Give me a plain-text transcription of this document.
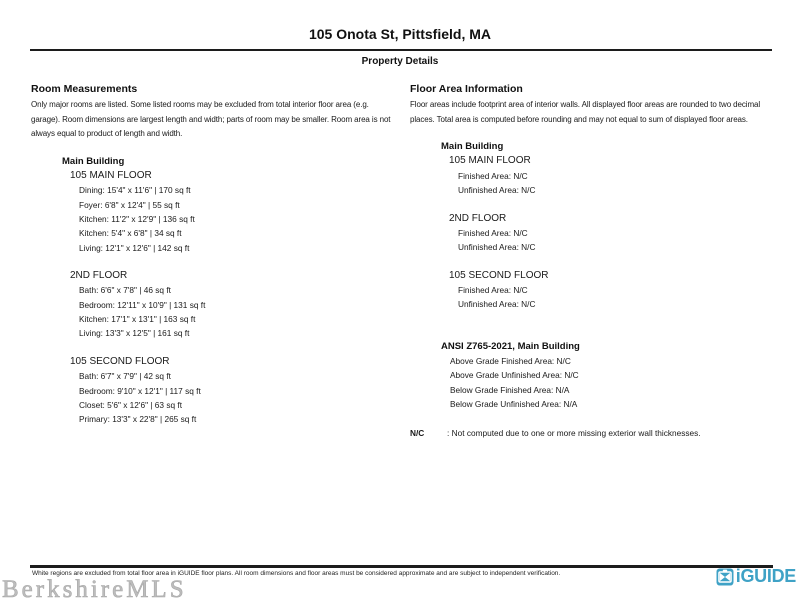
105 Onota St, Pittsfield, MA
Property Details
Room Measurements
Only major rooms are listed. Some listed rooms may be excluded from total interior floor area (e.g. garage). Room dimensions are largest length and width; parts of room may be smaller. Room area is not always equal to product of length and width.
Main Building
105 MAIN FLOOR
Dining: 15'4" x 11'6" | 170 sq ft
Foyer: 6'8" x 12'4" | 55 sq ft
Kitchen: 11'2" x 12'9" | 136 sq ft
Kitchen: 5'4" x 6'8" | 34 sq ft
Living: 12'1" x 12'6" | 142 sq ft
2ND FLOOR
Bath: 6'6" x 7'8" | 46 sq ft
Bedroom: 12'11" x 10'9" | 131 sq ft
Kitchen: 17'1" x 13'1" | 163 sq ft
Living: 13'3" x 12'5" | 161 sq ft
105 SECOND FLOOR
Bath: 6'7" x 7'9" | 42 sq ft
Bedroom: 9'10" x 12'1" | 117 sq ft
Closet: 5'6" x 12'6" | 63 sq ft
Primary: 13'3" x 22'8" | 265 sq ft
Floor Area Information
Floor areas include footprint area of interior walls. All displayed floor areas are rounded to two decimal places. Total area is computed before rounding and may not equal to sum of displayed floor areas.
Main Building
105 MAIN FLOOR
Finished Area: N/C
Unfinished Area: N/C
2ND FLOOR
Finished Area: N/C
Unfinished Area: N/C
105 SECOND FLOOR
Finished Area: N/C
Unfinished Area: N/C
ANSI Z765-2021, Main Building
Above Grade Finished Area: N/C
Above Grade Unfinished Area: N/C
Below Grade Finished Area: N/A
Below Grade Unfinished Area: N/A
N/C	: Not computed due to one or more missing exterior wall thicknesses.
White regions are excluded from total floor area in iGUIDE floor plans. All room dimensions and floor areas must be considered approximate and are subject to independent verification.	iGUIDE
BerkshireMLS
